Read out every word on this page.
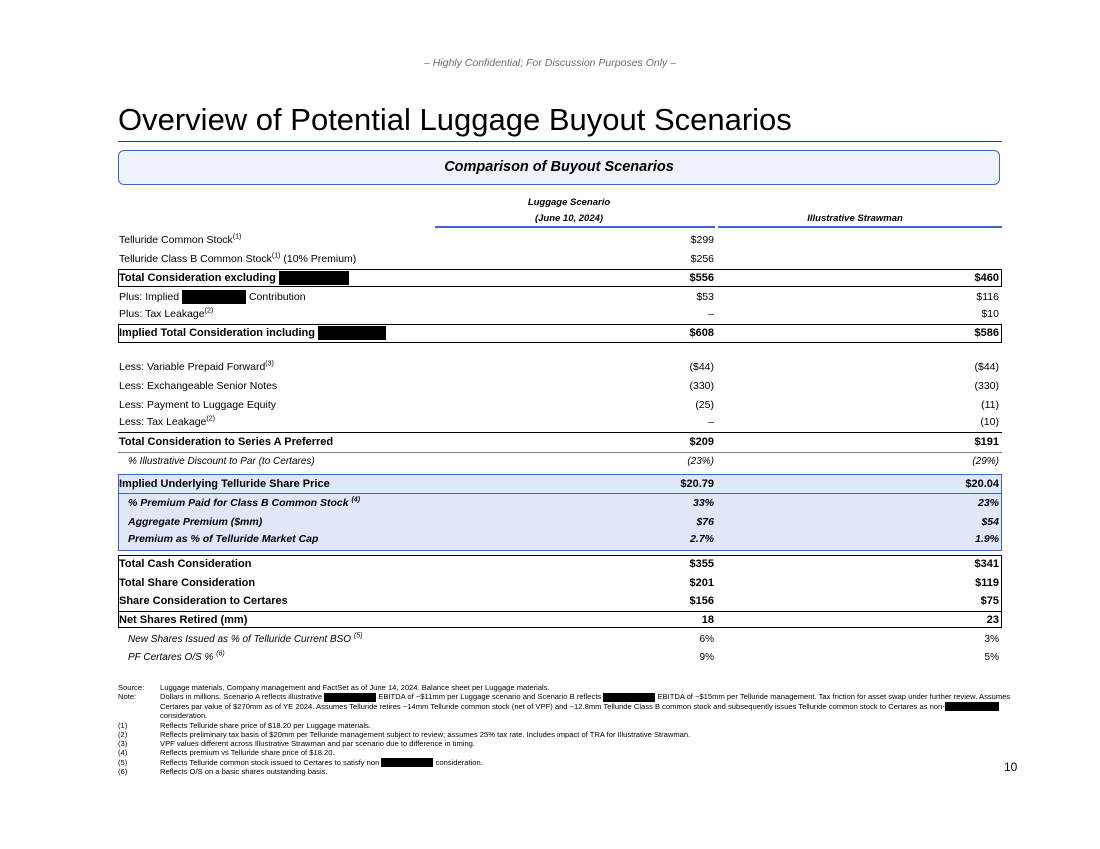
– Highly Confidential; For Discussion Purposes Only –
Overview of Potential Luggage Buyout Scenarios
Comparison of Buyout Scenarios
Luggage Scenario
(June 10, 2024)	Illustrative Strawman
Telluride Common Stock$^{(1)}$	$299
Telluride Class B Common Stock$^{(1)}$ (10% Premium)	$256
Total Consideration excluding	$556	$460
Plus: Implied	Contribution	$53	$116
Plus: Tax Leakage$^{(2)}$	–	$10
Implied Total Consideration including	$608	$586
Less: Variable Prepaid Forward$^{(3)}$	($44)	($44)
Less: Exchangeable Senior Notes	(330)	(330)
Less: Payment to Luggage Equity	(25)	(11)
Less: Tax Leakage$^{(2)}$	–	(10)
Total Consideration to Series A Preferred	$209	$191
% Illustrative Discount to Par (to Certares)	(23%)	(29%)
Implied Underlying Telluride Share Price	$20.79	$20.04
% Premium Paid for Class B Common Stock $^{(4)}$	33%	23%
Aggregate Premium ($mm)	$76	$54
Premium as % of Telluride Market Cap	2.7%	1.9%
Total Cash Consideration	$355	$341
Total Share Consideration	$201	$119
Share Consideration to Certares	$156	$75
Net Shares Retired (mm)	18	23
New Shares Issued as % of Telluride Current BSO $^{(5)}$	6%	3%
PF Certares O/S % $^{(6)}$	9%	5%
Source: Luggage materials, Company management and FactSet as of June 14, 2024. Balance sheet per Luggage materials.
Note:	Dollars in millions. Scenario A reflects illustrative	EBITDA of ~$11mm per Luggage scenario and Scenario B reflects	EBITDA of ~$15mm per Telluride management. Tax friction for asset swap under further review. Assumes Certares par value of $270mm as of YE 2024. Assumes Telluride retires ~14mm Telluride common stock (net of VPF) and ~12.8mm Telluride Class B common stock and subsequently issues Telluride common stock to Certares as non- consideration.
(1)	Reflects Telluride share price of $18.20 per Luggage materials.
(2)	Reflects preliminary tax basis of $20mm per Telluride management subject to review; assumes 25% tax rate. Includes impact of TRA for Illustrative Strawman.
(3)	VPF values different across Illustrative Strawman and par scenario due to difference in timing.
(4)	Reflects premium vs Telluride share price of $18.20.
(5)	Reflects Telluride common stock issued to Certares to satisfy non	consideration.
(6)	Reflects O/S on a basic shares outstanding basis.	10
